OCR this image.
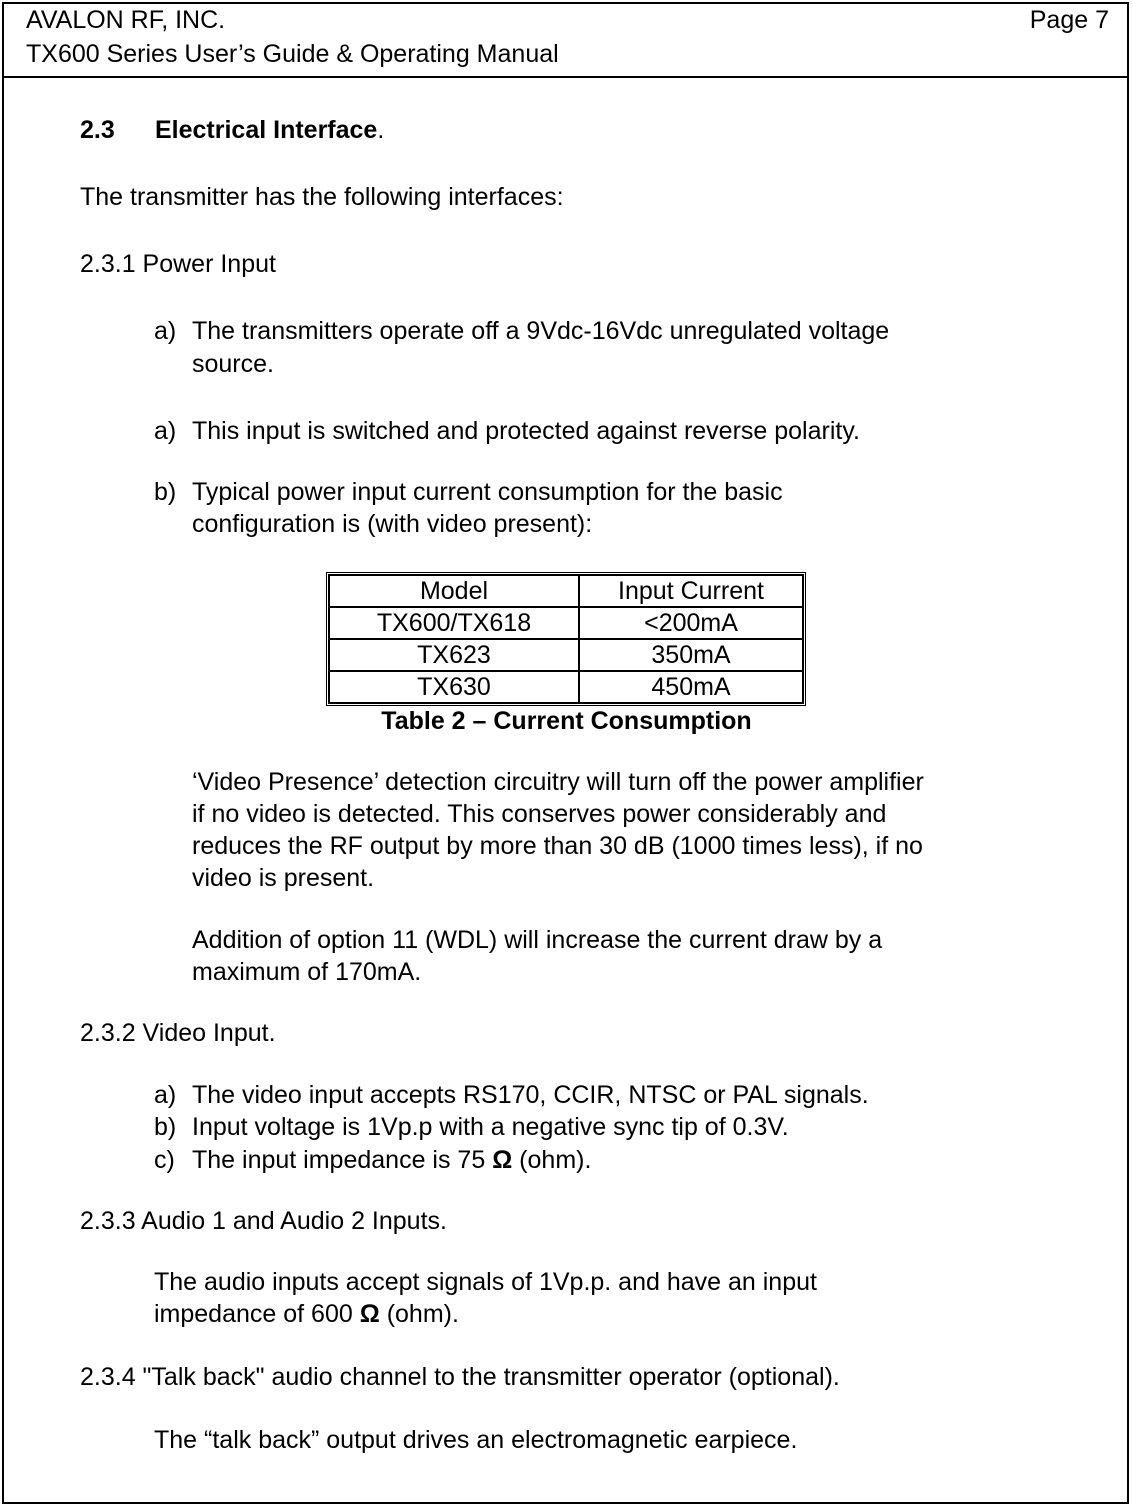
AVALON RF, INC.	Page 7
TX600 Series User’s Guide & Operating Manual
2.3 Electrical Interface.
The transmitter has the following interfaces:
2.3.1 Power Input
a) The transmitters operate off a 9Vdc-16Vdc unregulated voltage
source.
a) This input is switched and protected against reverse polarity.
b) Typical power input current consumption for the basic
configuration is (with video present):
Model	Input Current
TX600/TX618	<200mA
TX623	350mA
TX630	450mA
Table 2 – Current Consumption
‘Video Presence’ detection circuitry will turn off the power amplifier
if no video is detected. This conserves power considerably and
reduces the RF output by more than 30 dB (1000 times less), if no
video is present.
Addition of option 11 (WDL) will increase the current draw by a
maximum of 170mA.
2.3.2 Video Input.
a) The video input accepts RS170, CCIR, NTSC or PAL signals.
b) Input voltage is 1Vp.p with a negative sync tip of 0.3V.
c) The input impedance is 75 Ω (ohm).
2.3.3 Audio 1 and Audio 2 Inputs.
The audio inputs accept signals of 1Vp.p. and have an input
impedance of 600 Ω (ohm).
2.3.4 "Talk back" audio channel to the transmitter operator (optional).
The “talk back” output drives an electromagnetic earpiece.
